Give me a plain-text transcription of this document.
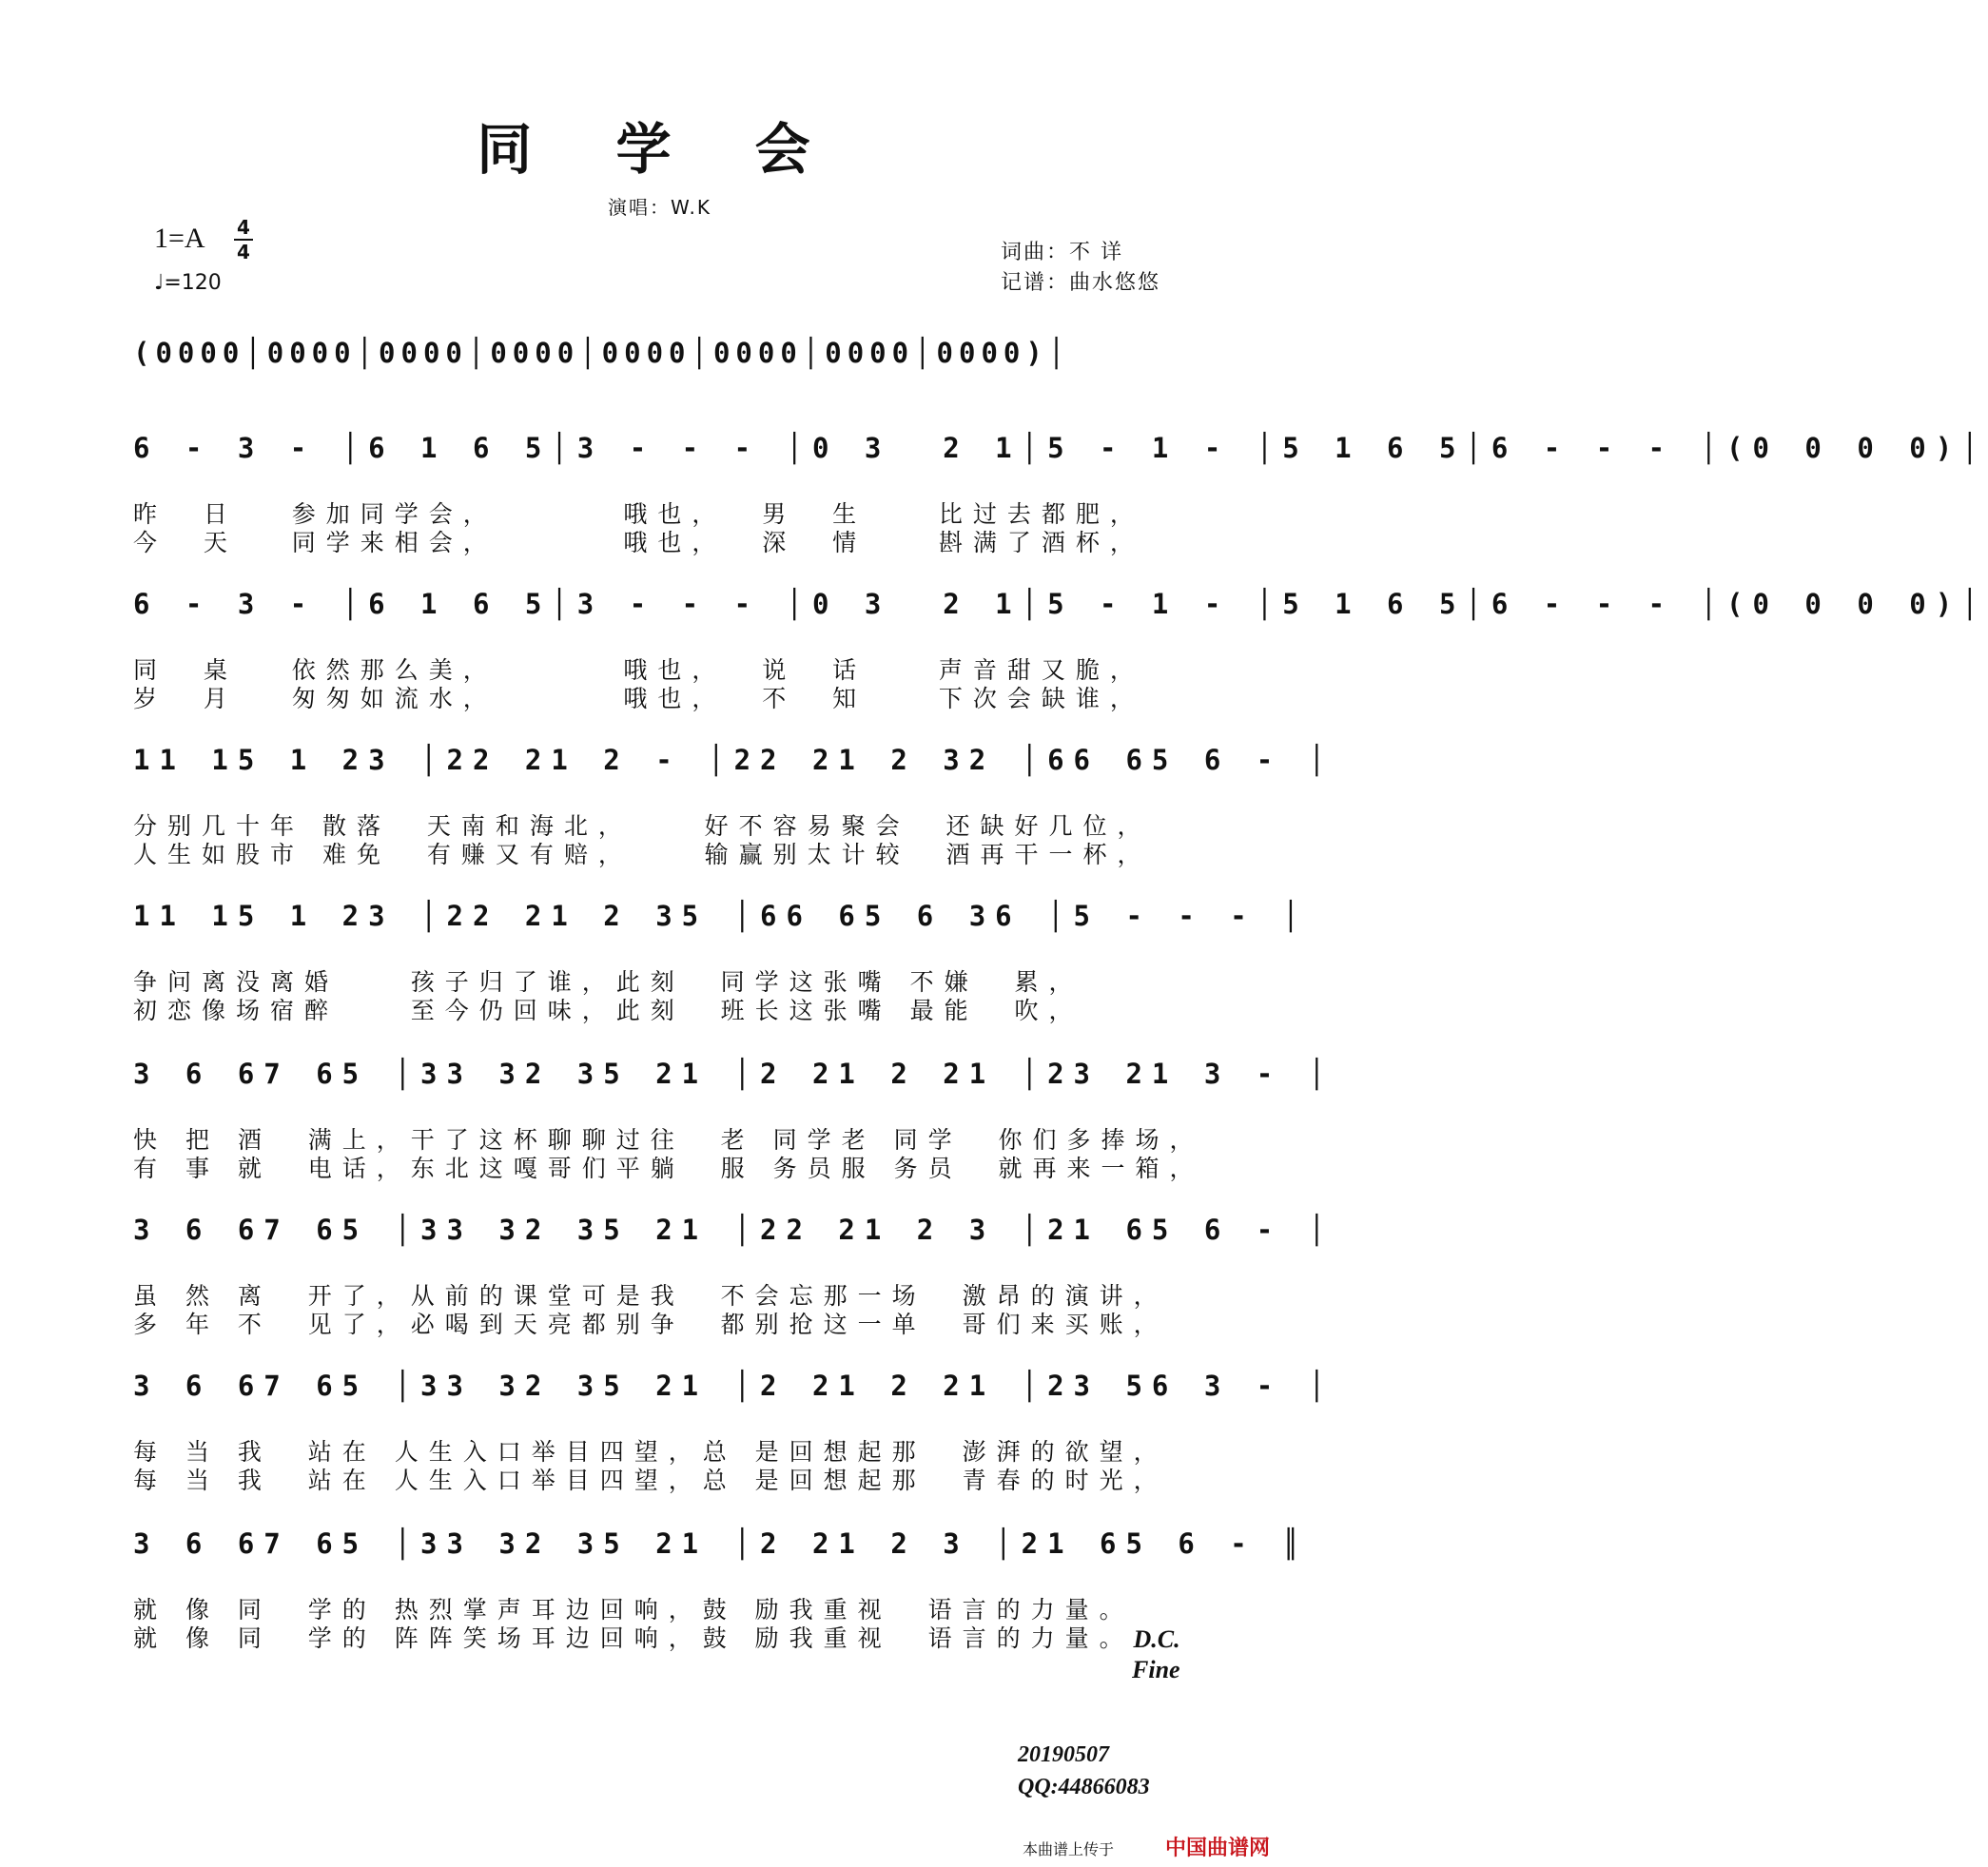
同 学 会
演唱：W.K
1=A 4
4
♩=120
词曲：不 详
记谱：曲水悠悠
(0000│0000│0000│0000│0000│0000│0000│0000)│
6 - 3 - │6 1 6 5│3 - - - │0 3  2 1│5 - 1 - │5 1 6 5│6 - - - │(0 0 0 0)│
昨  日   参加同学会，       哦也，  男  生    比过去都肥，
今  天   同学来相会，       哦也，  深  情    斟满了酒杯，
6 - 3 - │6 1 6 5│3 - - - │0 3  2 1│5 - 1 - │5 1 6 5│6 - - - │(0 0 0 0)│
同  桌   依然那么美，       哦也，  说  话    声音甜又脆，
岁  月   匆匆如流水，       哦也，  不  知    下次会缺谁，
11 15 1 23 │22 21 2 - │22 21 2 32 │66 65 6 - │
分别几十年 散落  天南和海北，    好不容易聚会  还缺好几位，
人生如股市 难免  有赚又有赔，    输赢别太计较  酒再干一杯，
11 15 1 23 │22 21 2 35 │66 65 6 36 │5 - - - │
争问离没离婚    孩子归了谁，此刻  同学这张嘴 不嫌  累，
初恋像场宿醉    至今仍回味，此刻  班长这张嘴 最能  吹，
3 6 67 65 │33 32 35 21 │2 21 2 21 │23 21 3 - │
快 把 酒  满上，干了这杯聊聊过往  老 同学老 同学  你们多捧场，
有 事 就  电话，东北这嘎哥们平躺  服 务员服 务员  就再来一箱，
3 6 67 65 │33 32 35 21 │22 21 2 3 │21 65 6 - │
虽 然 离  开了，从前的课堂可是我  不会忘那一场  激昂的演讲，
多 年 不  见了，必喝到天亮都别争  都别抢这一单  哥们来买账，
3 6 67 65 │33 32 35 21 │2 21 2 21 │23 56 3 - │
每 当 我  站在 人生入口举目四望，总 是回想起那  澎湃的欲望，
每 当 我  站在 人生入口举目四望，总 是回想起那  青春的时光，
3 6 67 65 │33 32 35 21 │2 21 2 3 │21 65 6 - ║
就 像 同  学的 热烈掌声耳边回响，鼓 励我重视  语言的力量。
就 像 同  学的 阵阵笑场耳边回响，鼓 励我重视  语言的力量。 D.C.
Fine
20190507
QQ:44866083
本曲谱上传于 中国曲谱网
